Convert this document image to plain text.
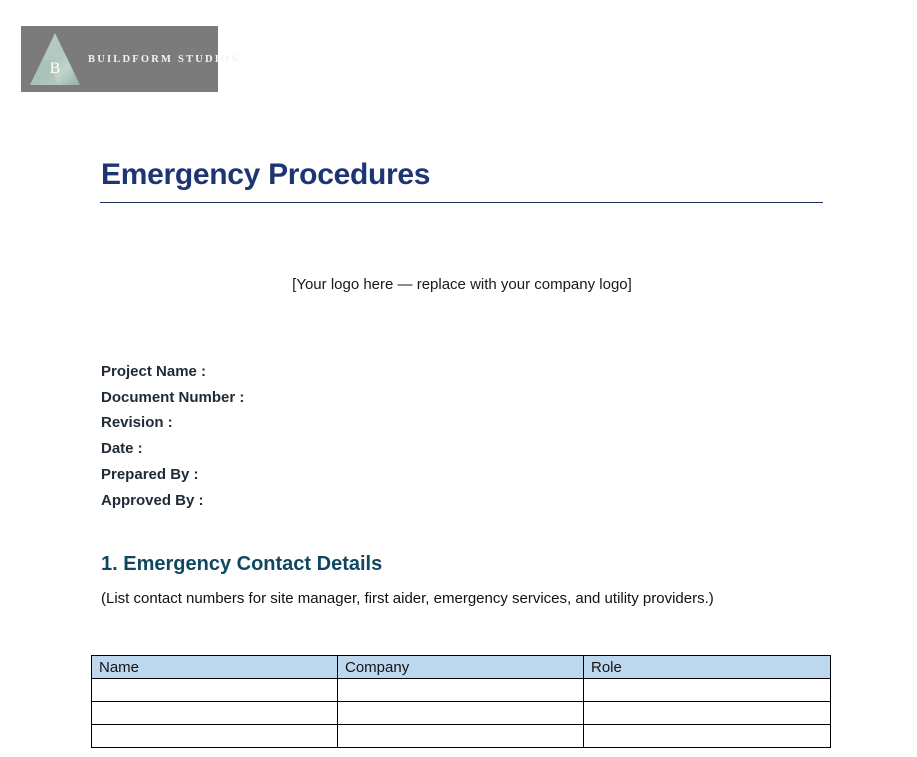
B
BUILDFORM STUDIOS
Emergency Procedures
[Your logo here — replace with your company logo]
Project Name :
Document Number :
Revision :
Date :
Prepared By :
Approved By :
1. Emergency Contact Details
(List contact numbers for site manager, first aider, emergency services, and utility providers.)
Name	Company	Role
